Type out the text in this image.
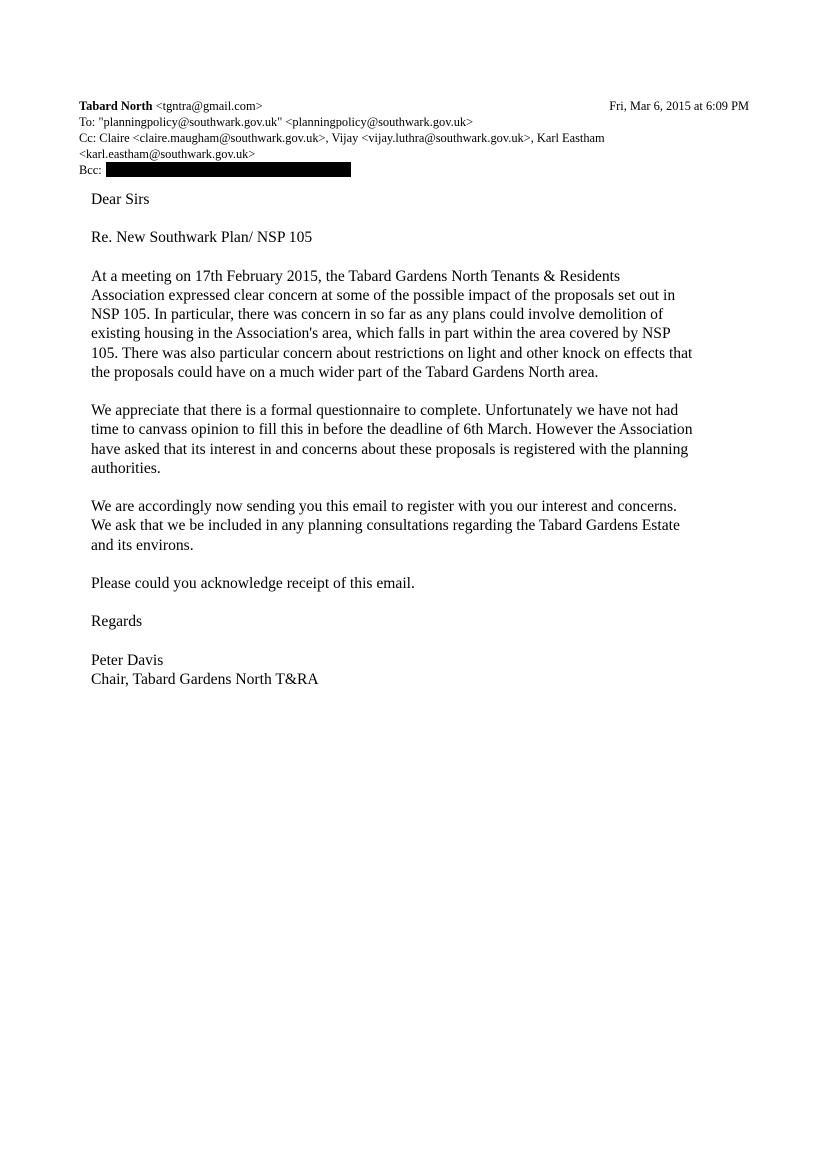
Tabard North <tgntra@gmail.com>	Fri, Mar 6, 2015 at 6:09 PM
To: "planningpolicy@southwark.gov.uk" <planningpolicy@southwark.gov.uk>
Cc: Claire <claire.maugham@southwark.gov.uk>, Vijay <vijay.luthra@southwark.gov.uk>, Karl Eastham
<karl.eastham@southwark.gov.uk>
Bcc:

Dear Sirs

Re. New Southwark Plan/ NSP 105

At a meeting on 17th February 2015, the Tabard Gardens North Tenants & Residents
Association expressed clear concern at some of the possible impact of the proposals set out in
NSP 105. In particular, there was concern in so far as any plans could involve demolition of
existing housing in the Association's area, which falls in part within the area covered by NSP
105. There was also particular concern about restrictions on light and other knock on effects that
the proposals could have on a much wider part of the Tabard Gardens North area.

We appreciate that there is a formal questionnaire to complete. Unfortunately we have not had
time to canvass opinion to fill this in before the deadline of 6th March. However the Association
have asked that its interest in and concerns about these proposals is registered with the planning
authorities.

We are accordingly now sending you this email to register with you our interest and concerns.
We ask that we be included in any planning consultations regarding the Tabard Gardens Estate
and its environs.

Please could you acknowledge receipt of this email.

Regards

Peter Davis
Chair, Tabard Gardens North T&RA
